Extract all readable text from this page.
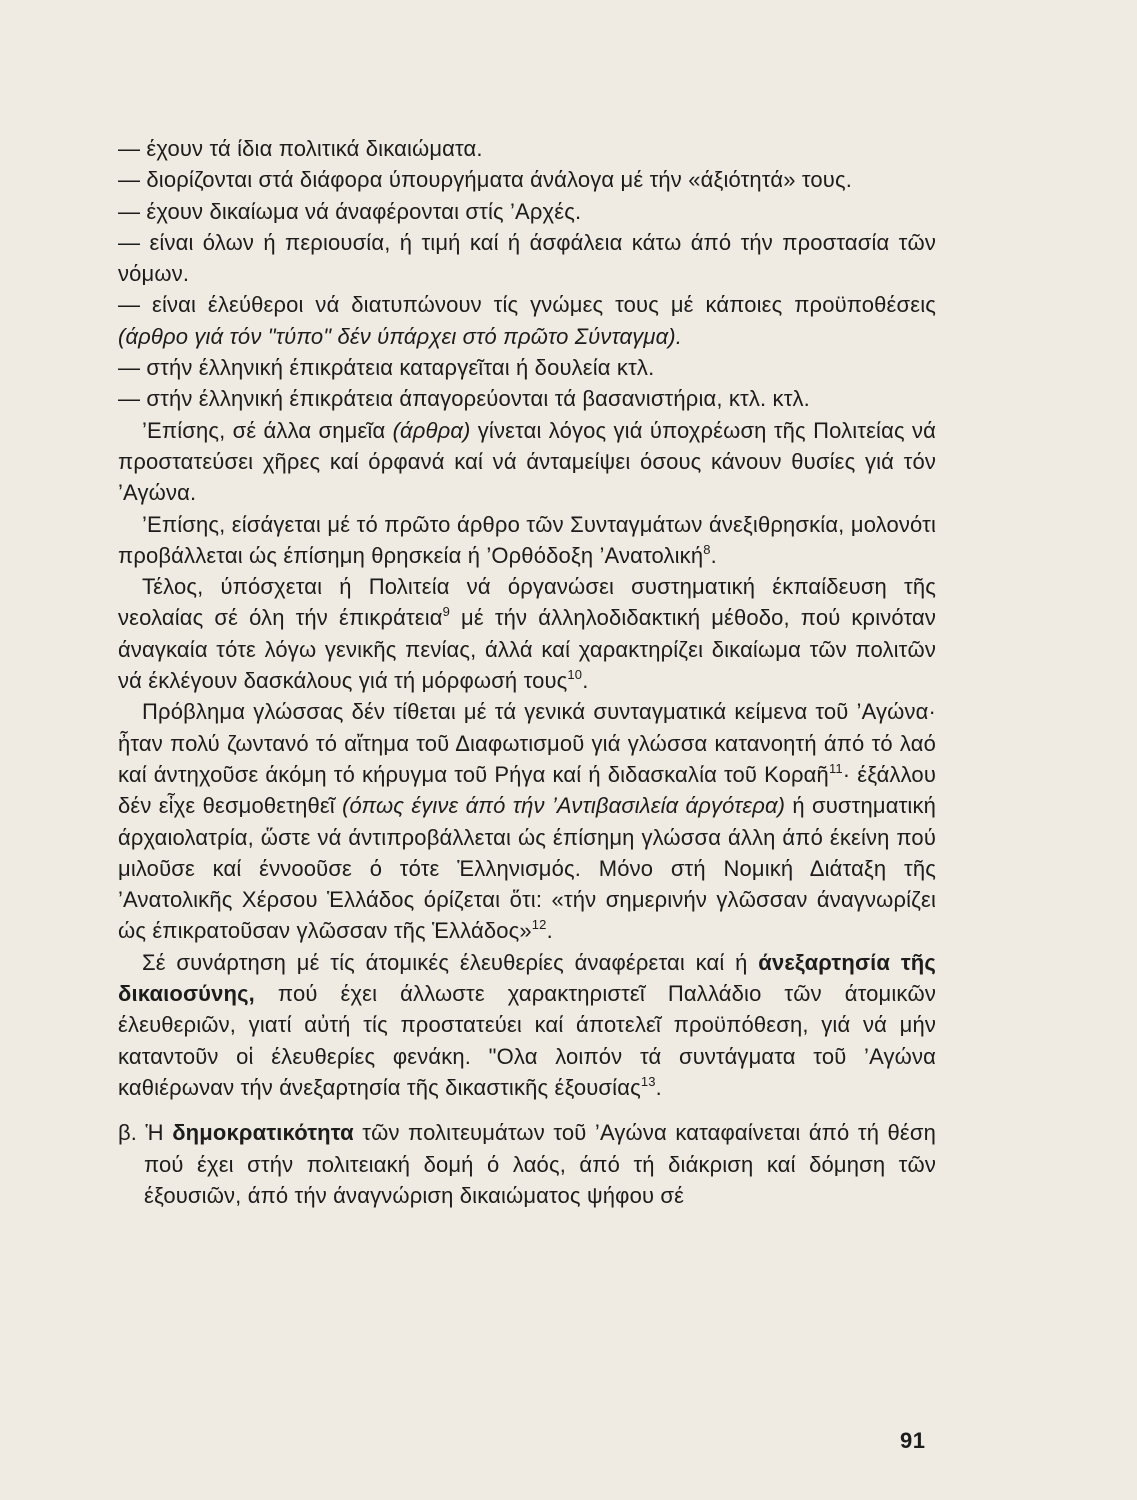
— έχουν τά ίδια πολιτικά δικαιώματα.

— διορίζονται στά διάφορα ύπουργήματα άνάλογα μέ τήν «άξιότητά» τους.

— έχουν δικαίωμα νά άναφέρονται στίς ’Αρχές.

— είναι όλων ή περιουσία, ή τιμή καί ή άσφάλεια κάτω άπό τήν προστασία τῶν νόμων.

— είναι έλεύθεροι νά διατυπώνουν τίς γνώμες τους μέ κάποιες προϋποθέσεις (άρθρο γιά τόν "τύπο" δέν ύπάρχει στό πρῶτο Σύνταγμα).

— στήν έλληνική έπικράτεια καταργεῖται ή δουλεία κτλ.

— στήν έλληνική έπικράτεια άπαγορεύονται τά βασανιστήρια, κτλ. κτλ.

’Επίσης, σέ άλλα σημεῖα (άρθρα) γίνεται λόγος γιά ύποχρέωση τῆς Πολιτείας νά προστατεύσει χῆρες καί όρφανά καί νά άνταμείψει όσους κάνουν θυσίες γιά τόν ’Αγώνα.

’Επίσης, είσάγεται μέ τό πρῶτο άρθρο τῶν Συνταγμάτων άνεξιθρησκία, μολονότι προβάλλεται ώς έπίσημη θρησκεία ή ’Ορθόδοξη ’Ανατολική$^8$.

Τέλος, ύπόσχεται ή Πολιτεία νά όργανώσει συστηματική έκπαίδευση τῆς νεολαίας σέ όλη τήν έπικράτεια$^9$ μέ τήν άλληλοδιδακτική μέθοδο, πού κρινόταν άναγκαία τότε λόγω γενικῆς πενίας, άλλά καί χαρακτηρίζει δικαίωμα τῶν πολιτῶν νά έκλέγουν δασκάλους γιά τή μόρφωσή τους$^{10}$.

Πρόβλημα γλώσσας δέν τίθεται μέ τά γενικά συνταγματικά κείμενα τοῦ ’Αγώνα· ἦταν πολύ ζωντανό τό αἴτημα τοῦ Διαφωτισμοῦ γιά γλώσσα κατανοητή άπό τό λαό καί άντηχοῦσε άκόμη τό κήρυγμα τοῦ Ρήγα καί ή διδασκαλία τοῦ Κοραῆ$^{11}$· έξάλλου δέν εἶχε θεσμοθετηθεῖ (όπως έγινε άπό τήν ’Αντιβασιλεία άργότερα) ή συστηματική άρχαιολατρία, ὥστε νά άντιπροβάλλεται ώς έπίσημη γλώσσα άλλη άπό έκείνη πού μιλοῦσε καί έννοοῦσε ό τότε Ἑλληνισμός. Μόνο στή Νομική Διάταξη τῆς ’Ανατολικῆς Χέρσου Ἑλλάδος όρίζεται ὅτι: «τήν σημερινήν γλῶσσαν άναγνωρίζει ώς έπικρατοῦσαν γλῶσσαν τῆς Ἑλλάδος»$^{12}$.

Σέ συνάρτηση μέ τίς άτομικές έλευθερίες άναφέρεται καί ή άνεξαρτησία τῆς δικαιοσύνης, πού έχει άλλωστε χαρακτηριστεῖ Παλλάδιο τῶν άτομικῶν έλευθεριῶν, γιατί αὐτή τίς προστατεύει καί άποτελεῖ προϋπόθεση, γιά νά μήν καταντοῦν οἱ έλευθερίες φενάκη. "Ολα λοιπόν τά συντάγματα τοῦ ’Αγώνα καθιέρωναν τήν άνεξαρτησία τῆς δικαστικῆς έξουσίας$^{13}$.

β. Ἡ δημοκρατικότητα τῶν πολιτευμάτων τοῦ ’Αγώνα καταφαίνεται άπό τή θέση πού έχει στήν πολιτειακή δομή ό λαός, άπό τή διάκριση καί δόμηση τῶν έξουσιῶν, άπό τήν άναγνώριση δικαιώματος ψήφου σέ

91
